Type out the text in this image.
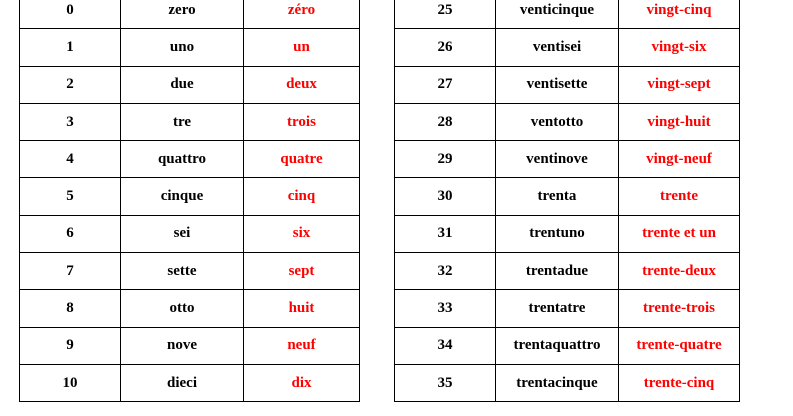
0	zero	zéro
1	uno	un
2	due	deux
3	tre	trois
4	quattro	quatre
5	cinque	cinq
6	sei	six
7	sette	sept
8	otto	huit
9	nove	neuf
10	dieci	dix
25	venticinque	vingt-cinq
26	ventisei	vingt-six
27	ventisette	vingt-sept
28	ventotto	vingt-huit
29	ventinove	vingt-neuf
30	trenta	trente
31	trentuno	trente et un
32	trentadue	trente-deux
33	trentatre	trente-trois
34	trentaquattro	trente-quatre
35	trentacinque	trente-cinq
